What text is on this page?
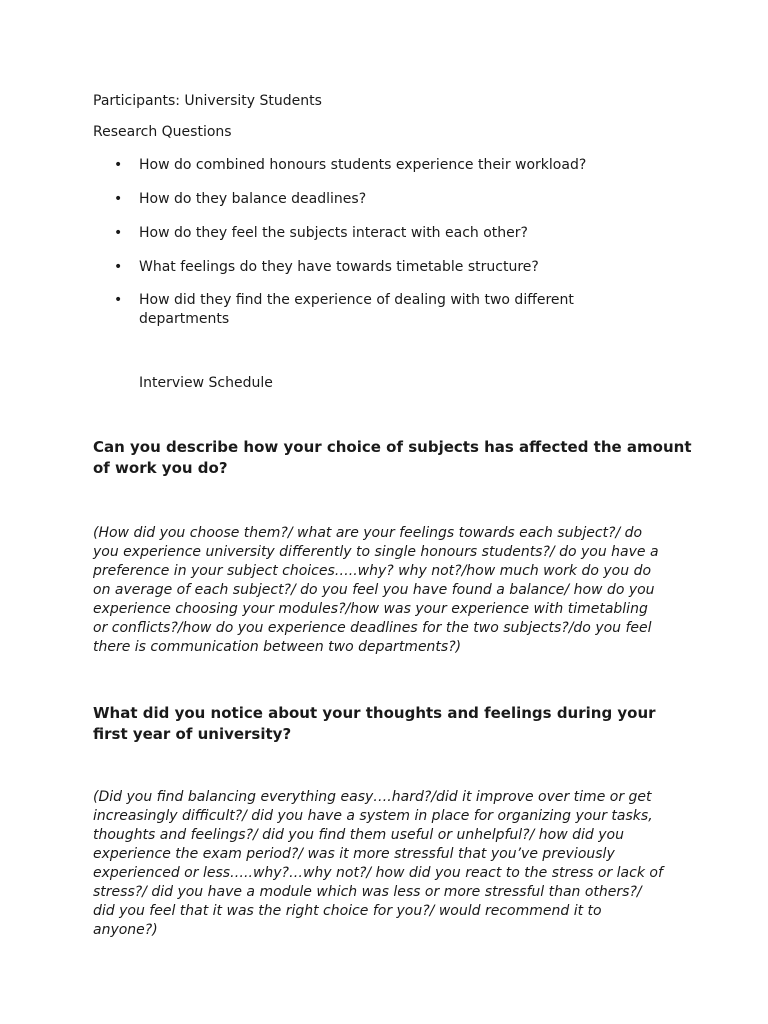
Participants: University Students
Research Questions
• How do combined honours students experience their workload?
• How do they balance deadlines?
• How do they feel the subjects interact with each other?
• What feelings do they have towards timetable structure?
• How did they find the experience of dealing with two different departments
Interview Schedule
Can you describe how your choice of subjects has affected the amount of work you do?
(How did you choose them?/ what are your feelings towards each subject?/ do
you experience university differently to single honours students?/ do you have a
preference in your subject choices…..why? why not?/how much work do you do
on average of each subject?/ do you feel you have found a balance/ how do you
experience choosing your modules?/how was your experience with timetabling
or conflicts?/how do you experience deadlines for the two subjects?/do you feel
there is communication between two departments?)
What did you notice about your thoughts and feelings during your first year of university?
(Did you find balancing everything easy….hard?/did it improve over time or get
increasingly difficult?/ did you have a system in place for organizing your tasks,
thoughts and feelings?/ did you find them useful or unhelpful?/ how did you
experience the exam period?/ was it more stressful that you’ve previously
experienced or less…..why?…why not?/ how did you react to the stress or lack of
stress?/ did you have a module which was less or more stressful than others?/
did you feel that it was the right choice for you?/ would recommend it to
anyone?)
